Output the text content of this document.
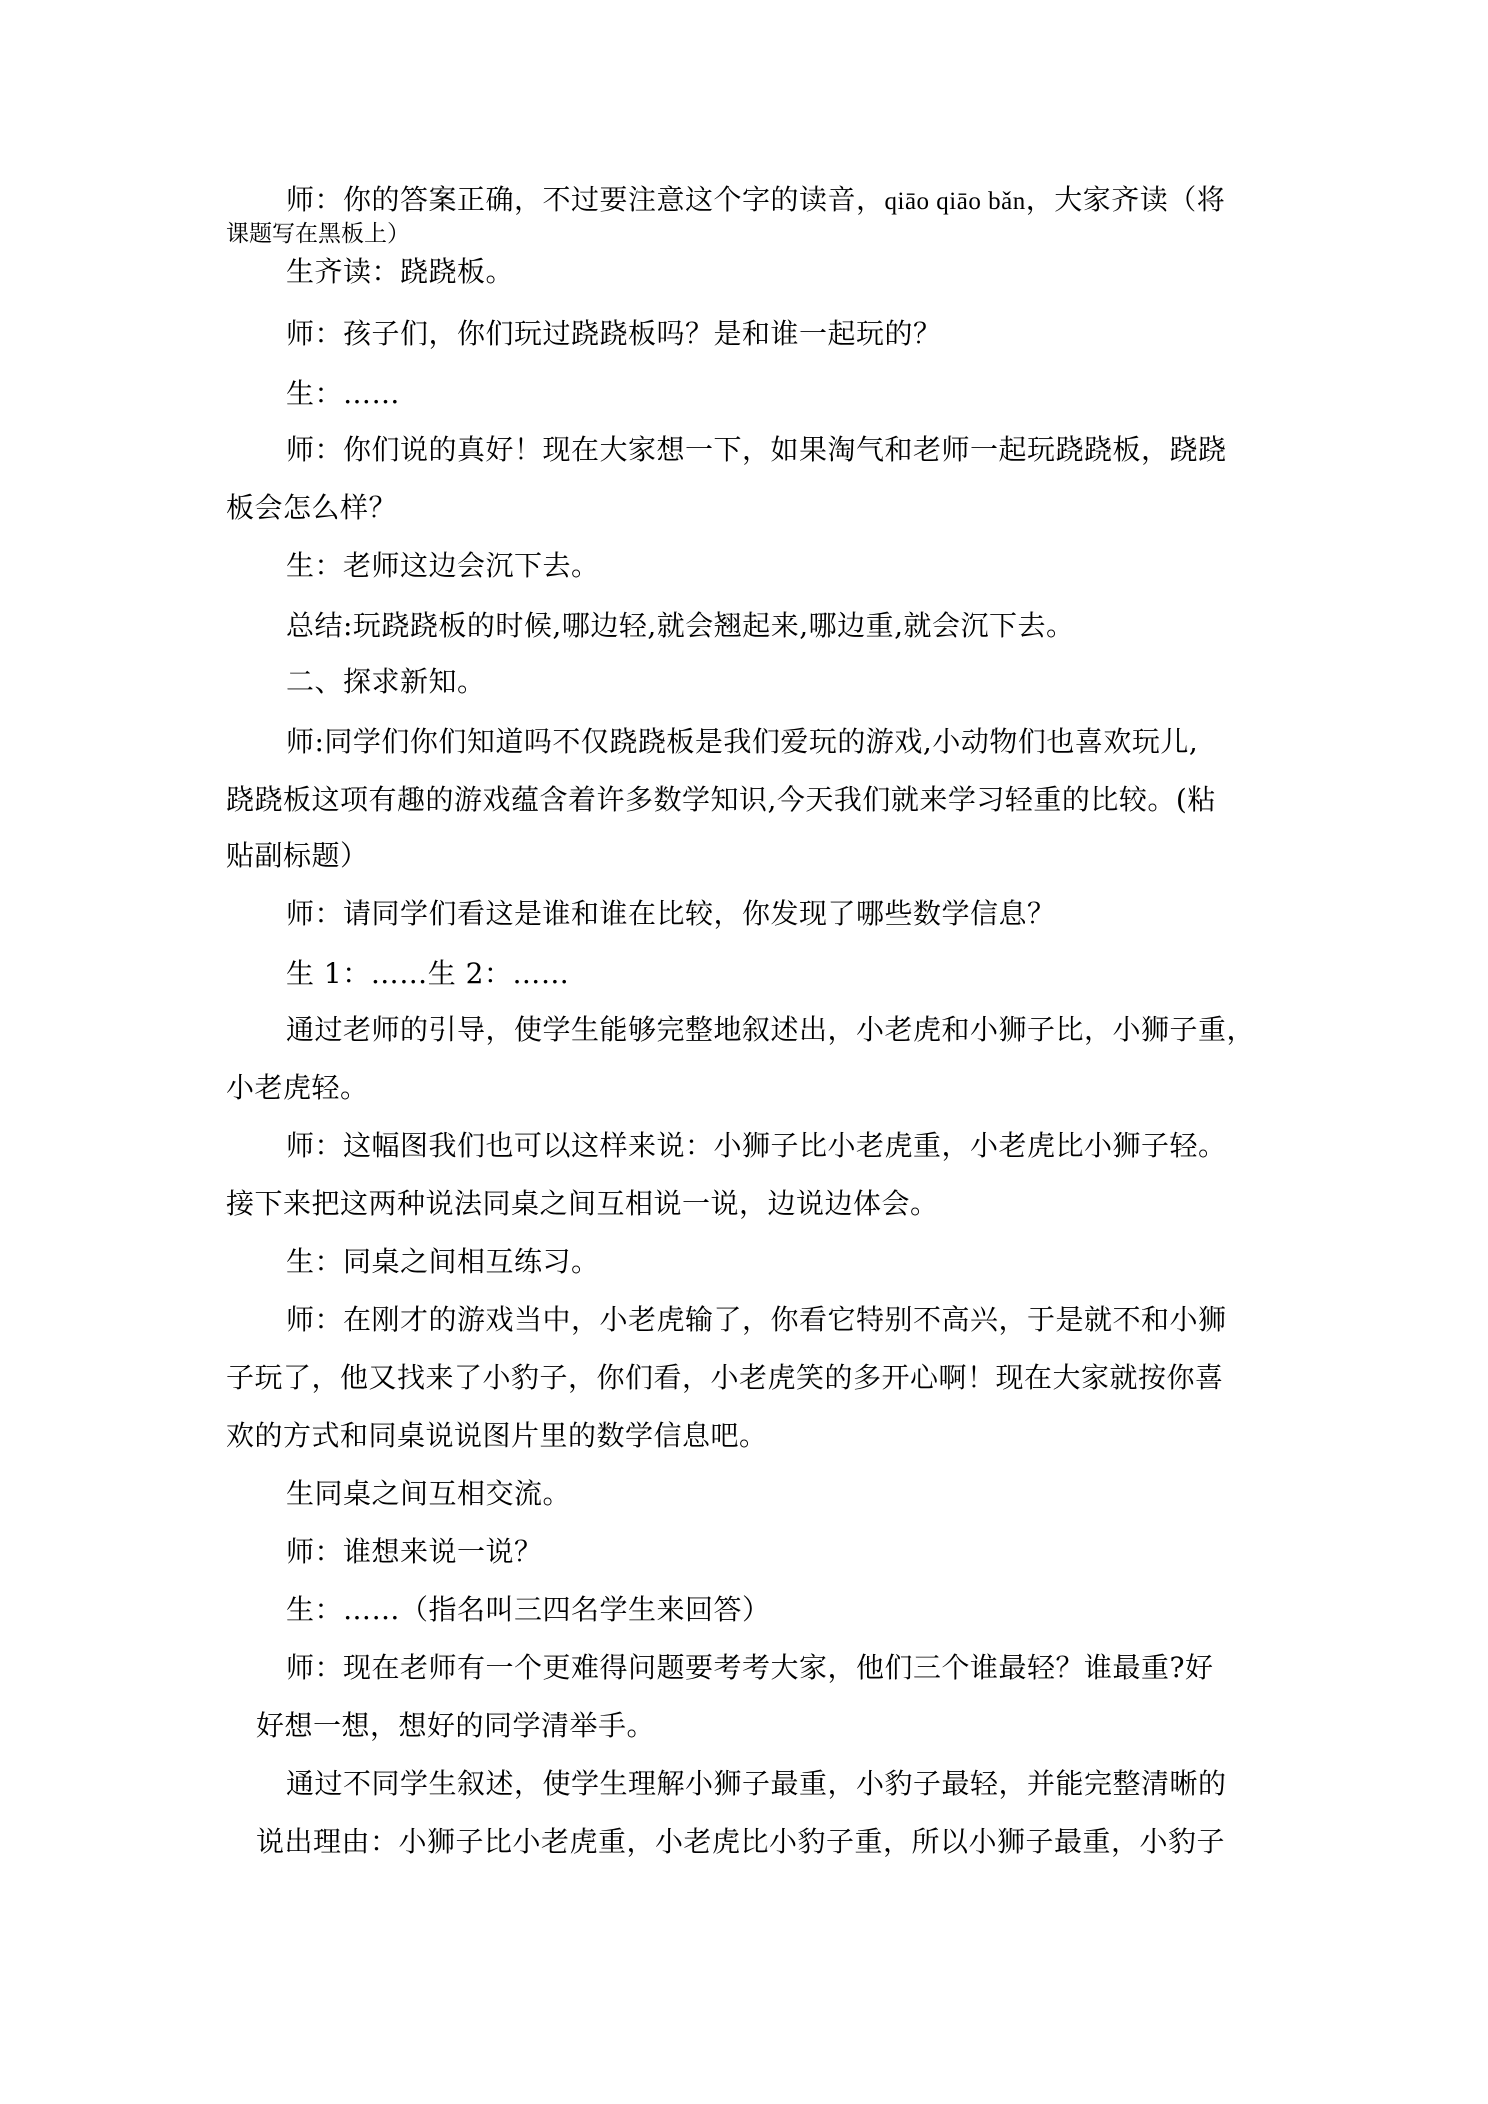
师：你的答案正确，不过要注意这个字的读音，qiāo qiāo bǎn，大家齐读（将
课题写在黑板上）
生齐读：跷跷板。
师：孩子们，你们玩过跷跷板吗？是和谁一起玩的？
生：……
师：你们说的真好！现在大家想一下，如果淘气和老师一起玩跷跷板，跷跷
板会怎么样？
生：老师这边会沉下去。
总结:玩跷跷板的时候,哪边轻,就会翘起来,哪边重,就会沉下去。
二、探求新知。
师:同学们你们知道吗不仅跷跷板是我们爱玩的游戏,小动物们也喜欢玩儿,
跷跷板这项有趣的游戏蕴含着许多数学知识,今天我们就来学习轻重的比较。(粘
贴副标题）
师：请同学们看这是谁和谁在比较，你发现了哪些数学信息？
生 1：……生 2：……
通过老师的引导，使学生能够完整地叙述出，小老虎和小狮子比，小狮子重，
小老虎轻。
师：这幅图我们也可以这样来说：小狮子比小老虎重，小老虎比小狮子轻。
接下来把这两种说法同桌之间互相说一说，边说边体会。
生：同桌之间相互练习。
师：在刚才的游戏当中，小老虎输了，你看它特别不高兴，于是就不和小狮
子玩了，他又找来了小豹子，你们看，小老虎笑的多开心啊！现在大家就按你喜
欢的方式和同桌说说图片里的数学信息吧。
生同桌之间互相交流。
师：谁想来说一说？
生：……（指名叫三四名学生来回答）
师：现在老师有一个更难得问题要考考大家，他们三个谁最轻？谁最重?好
好想一想，想好的同学清举手。
通过不同学生叙述，使学生理解小狮子最重，小豹子最轻，并能完整清晰的
说出理由：小狮子比小老虎重，小老虎比小豹子重，所以小狮子最重，小豹子
